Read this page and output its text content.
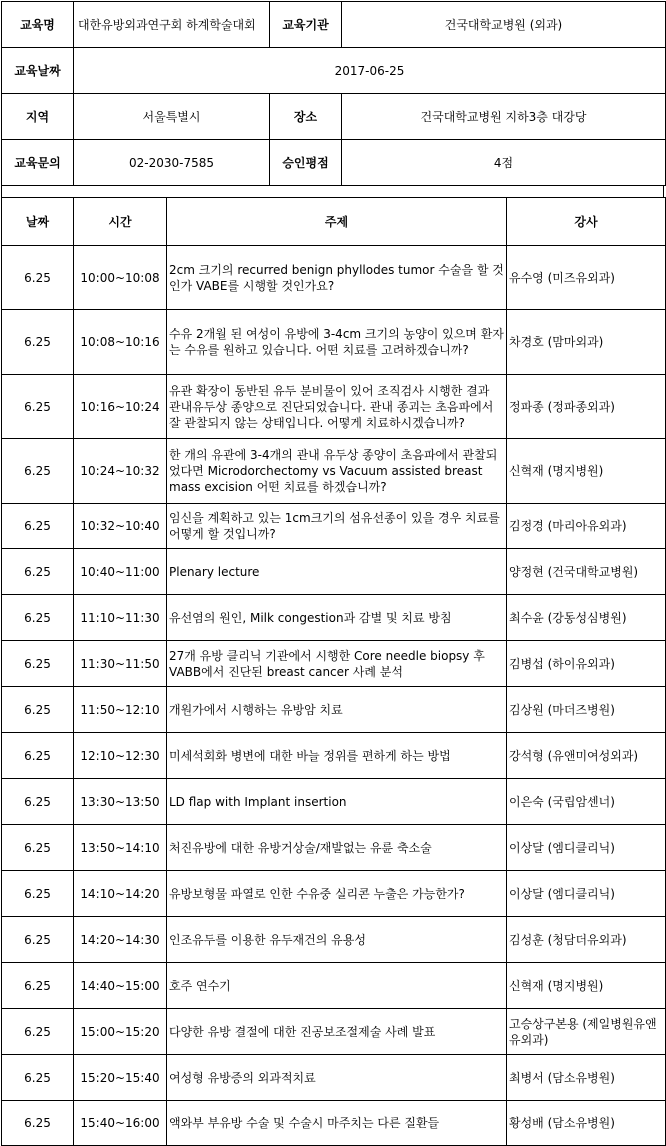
교육명	대한유방외과연구회 하계학술대회	교육기관	건국대학교병원 (외과)
교육날짜	2017-06-25		
지역	서울특별시	장소	건국대학교병원 지하3층 대강당
교육문의	02-2030-7585	승인평점	4점
날짜	시간	주제	강사
6.25	10:00~10:08	2cm 크기의 recurred benign phyllodes tumor 수술을 할 것인가 VABE를 시행할 것인가요?	유수영 (미즈유외과)
6.25	10:08~10:16	수유 2개월 된 여성이 유방에 3-4cm 크기의 농양이 있으며 환자는 수유를 원하고 있습니다. 어떤 치료를 고려하겠습니까?	차경호 (맘마외과)
6.25	10:16~10:24	유관 확장이 동반된 유두 분비물이 있어 조직검사 시행한 결과 관내유두상 종양으로 진단되었습니다. 관내 종괴는 초음파에서 잘 관찰되지 않는 상태입니다. 어떻게 치료하시겠습니까?	정파종 (정파종외과)
6.25	10:24~10:32	한 개의 유관에 3-4개의 관내 유두상 종양이 초음파에서 관찰되었다면 Microdorchectomy vs Vacuum assisted breast mass excision 어떤 치료를 하겠습니까?	신혁재 (명지병원)
6.25	10:32~10:40	임신을 계획하고 있는 1cm크기의 섬유선종이 있을 경우 치료를 어떻게 할 것입니까?	김정경 (마리아유외과)
6.25	10:40~11:00	Plenary lecture	양정현 (건국대학교병원)
6.25	11:10~11:30	유선염의 원인, Milk congestion과 감별 및 치료 방침	최수윤 (강동성심병원)
6.25	11:30~11:50	27개 유방 클리닉 기관에서 시행한 Core needle biopsy 후 VABB에서 진단된 breast cancer 사례 분석	김병섭 (하이유외과)
6.25	11:50~12:10	개원가에서 시행하는 유방암 치료	김상원 (마더즈병원)
6.25	12:10~12:30	미세석회화 병변에 대한 바늘 정위를 편하게 하는 방법	강석형 (유앤미여성외과)
6.25	13:30~13:50	LD flap with Implant insertion	이은숙 (국립암센너)
6.25	13:50~14:10	처진유방에 대한 유방거상술/재발없는 유륜 축소술	이상달 (엠디클리닉)
6.25	14:10~14:20	유방보형물 파열로 인한 수유중 실리콘 누출은 가능한가?	이상달 (엠디클리닉)
6.25	14:20~14:30	인조유두를 이용한 유두재건의 유용성	김성훈 (청담더유외과)
6.25	14:40~15:00	호주 연수기	신혁재 (명지병원)
6.25	15:00~15:20	다양한 유방 결절에 대한 진공보조절제술 사례 발표	고승상구본용 (제일병원유앤유외과)
6.25	15:20~15:40	여성형 유방증의 외과적치료	최병서 (담소유병원)
6.25	15:40~16:00	액와부 부유방 수술 및 수술시 마주치는 다른 질환들	황성배 (담소유병원)
